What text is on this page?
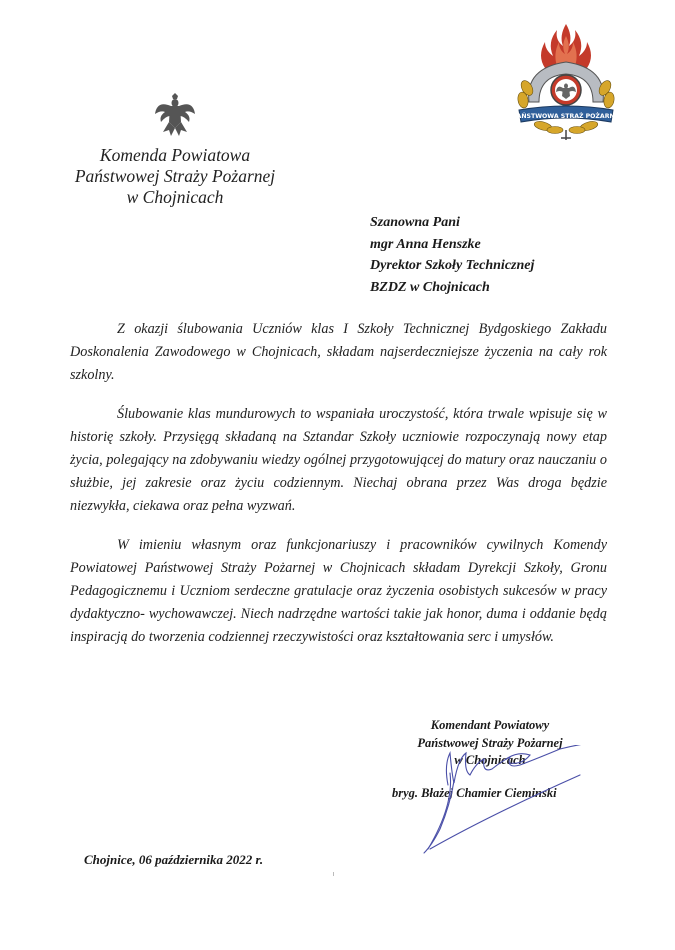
PAŃSTWOWA STRAŻ POŻARNA
Komenda Powiatowa
Państwowej Straży Pożarnej
w Chojnicach
Szanowna Pani
mgr Anna Henszke
Dyrektor Szkoły Technicznej
BZDZ w Chojnicach

Z okazji ślubowania Uczniów klas I Szkoły Technicznej Bydgoskiego Zakładu Doskonalenia Zawodowego w Chojnicach, składam najserdeczniejsze życzenia na cały rok szkolny.

Ślubowanie klas mundurowych to wspaniała uroczystość, która trwale wpisuje się w historię szkoły. Przysięgą składaną na Sztandar Szkoły uczniowie rozpoczynają nowy etap życia, polegający na zdobywaniu wiedzy ogólnej przygotowującej do matury oraz nauczaniu o służbie, jej zakresie oraz życiu codziennym. Niechaj obrana przez Was droga będzie niezwykła, ciekawa oraz pełna wyzwań.

W imieniu własnym oraz funkcjonariuszy i pracowników cywilnych Komendy Powiatowej Państwowej Straży Pożarnej w Chojnicach składam Dyrekcji Szkoły, Gronu Pedagogicznemu i Uczniom serdeczne gratulacje oraz życzenia osobistych sukcesów w pracy dydaktyczno- wychowawczej. Niech nadrzędne wartości takie jak honor, duma i oddanie będą inspiracją do tworzenia codziennej rzeczywistości oraz kształtowania serc i umysłów.

Komendant Powiatowy
Państwowej Straży Pożarnej
w Chojnicach
bryg. Błażej Chamier Cieminski
Chojnice, 06 października 2022 r.
